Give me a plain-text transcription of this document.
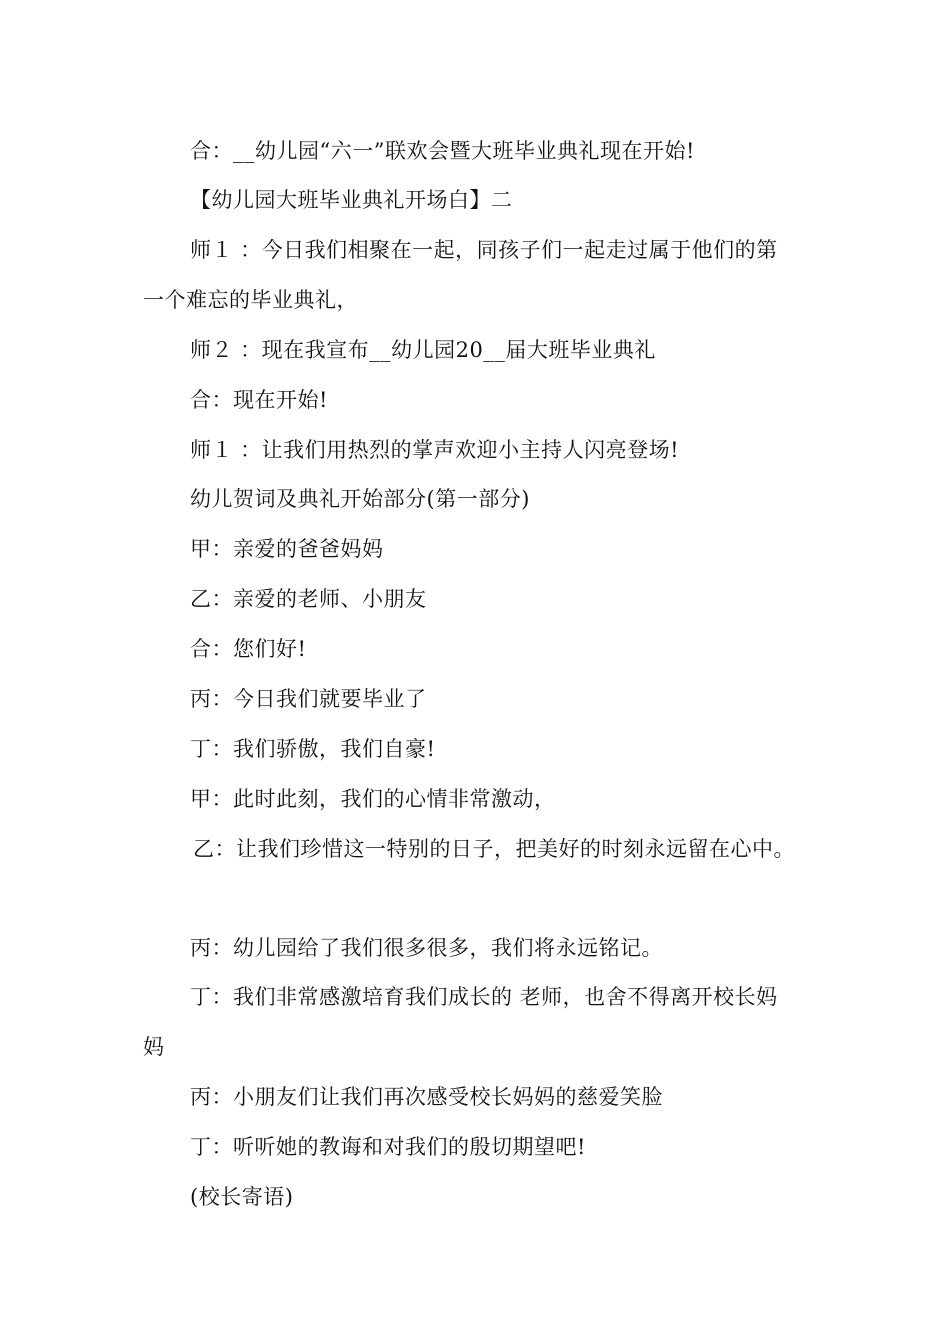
合：__幼儿园“六一”联欢会暨大班毕业典礼现在开始!
【幼儿园大班毕业典礼开场白】二
师１ ：今日我们相聚在一起，同孩子们一起走过属于他们的第
一个难忘的毕业典礼，
师２ ：现在我宣布__幼儿园20__届大班毕业典礼
合：现在开始!
师１ ：让我们用热烈的掌声欢迎小主持人闪亮登场!
幼儿贺词及典礼开始部分(第一部分)
甲：亲爱的爸爸妈妈
乙：亲爱的老师、小朋友
合：您们好!
丙：今日我们就要毕业了
丁：我们骄傲，我们自豪!
甲：此时此刻，我们的心情非常激动，
乙：让我们珍惜这一特别的日子，把美好的时刻永远留在心中。
丙：幼儿园给了我们很多很多，我们将永远铭记。
丁：我们非常感激培育我们成长的 老师，也舍不得离开校长妈
妈
丙：小朋友们让我们再次感受校长妈妈的慈爱笑脸
丁：听听她的教诲和对我们的殷切期望吧!
(校长寄语)
